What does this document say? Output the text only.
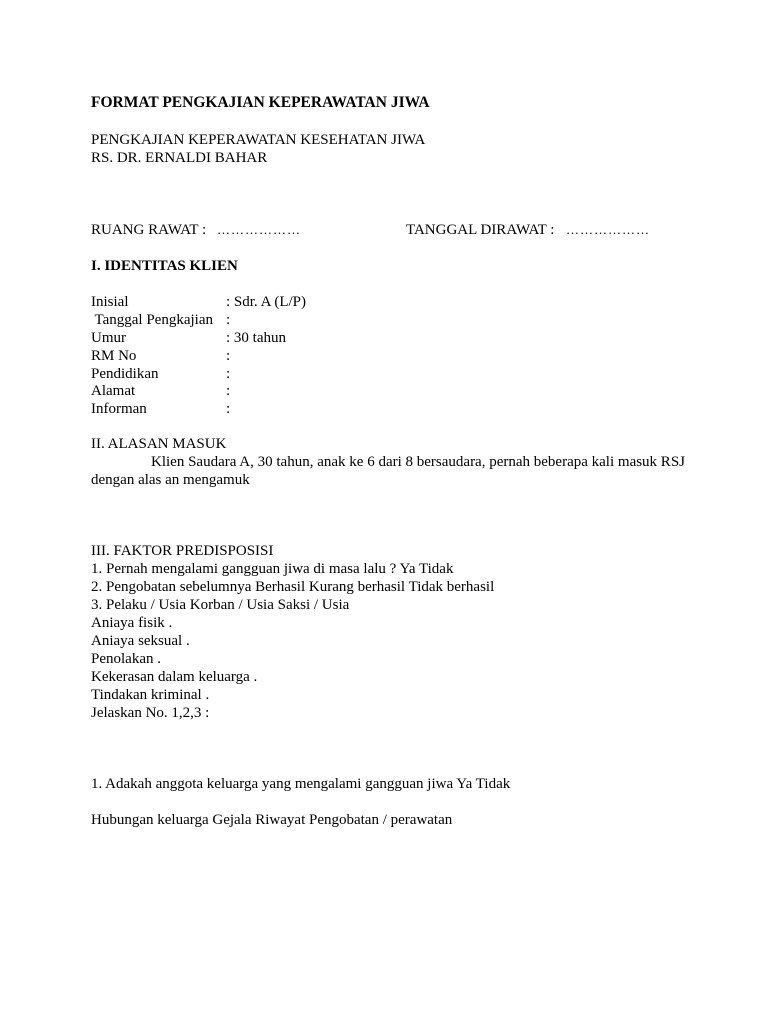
FORMAT PENGKAJIAN KEPERAWATAN JIWA
PENGKAJIAN KEPERAWATAN KESEHATAN JIWA
RS. DR. ERNALDI BAHAR
RUANG RAWAT : ………………	TANGGAL DIRAWAT : ………………
I. IDENTITAS KLIEN
Inisial	: Sdr. A (L/P)
Tanggal Pengkajian :
Umur	: 30 tahun
RM No	:
Pendidikan	:
Alamat	:
Informan	:
II. ALASAN MASUK
Klien Saudara A, 30 tahun, anak ke 6 dari 8 bersaudara, pernah beberapa kali masuk RSJ
dengan alas an mengamuk
III. FAKTOR PREDISPOSISI
1. Pernah mengalami gangguan jiwa di masa lalu ? Ya Tidak
2. Pengobatan sebelumnya Berhasil Kurang berhasil Tidak berhasil
3. Pelaku / Usia Korban / Usia Saksi / Usia
Aniaya fisik .
Aniaya seksual .
Penolakan .
Kekerasan dalam keluarga .
Tindakan kriminal .
Jelaskan No. 1,2,3 :
1. Adakah anggota keluarga yang mengalami gangguan jiwa Ya Tidak
Hubungan keluarga Gejala Riwayat Pengobatan / perawatan
